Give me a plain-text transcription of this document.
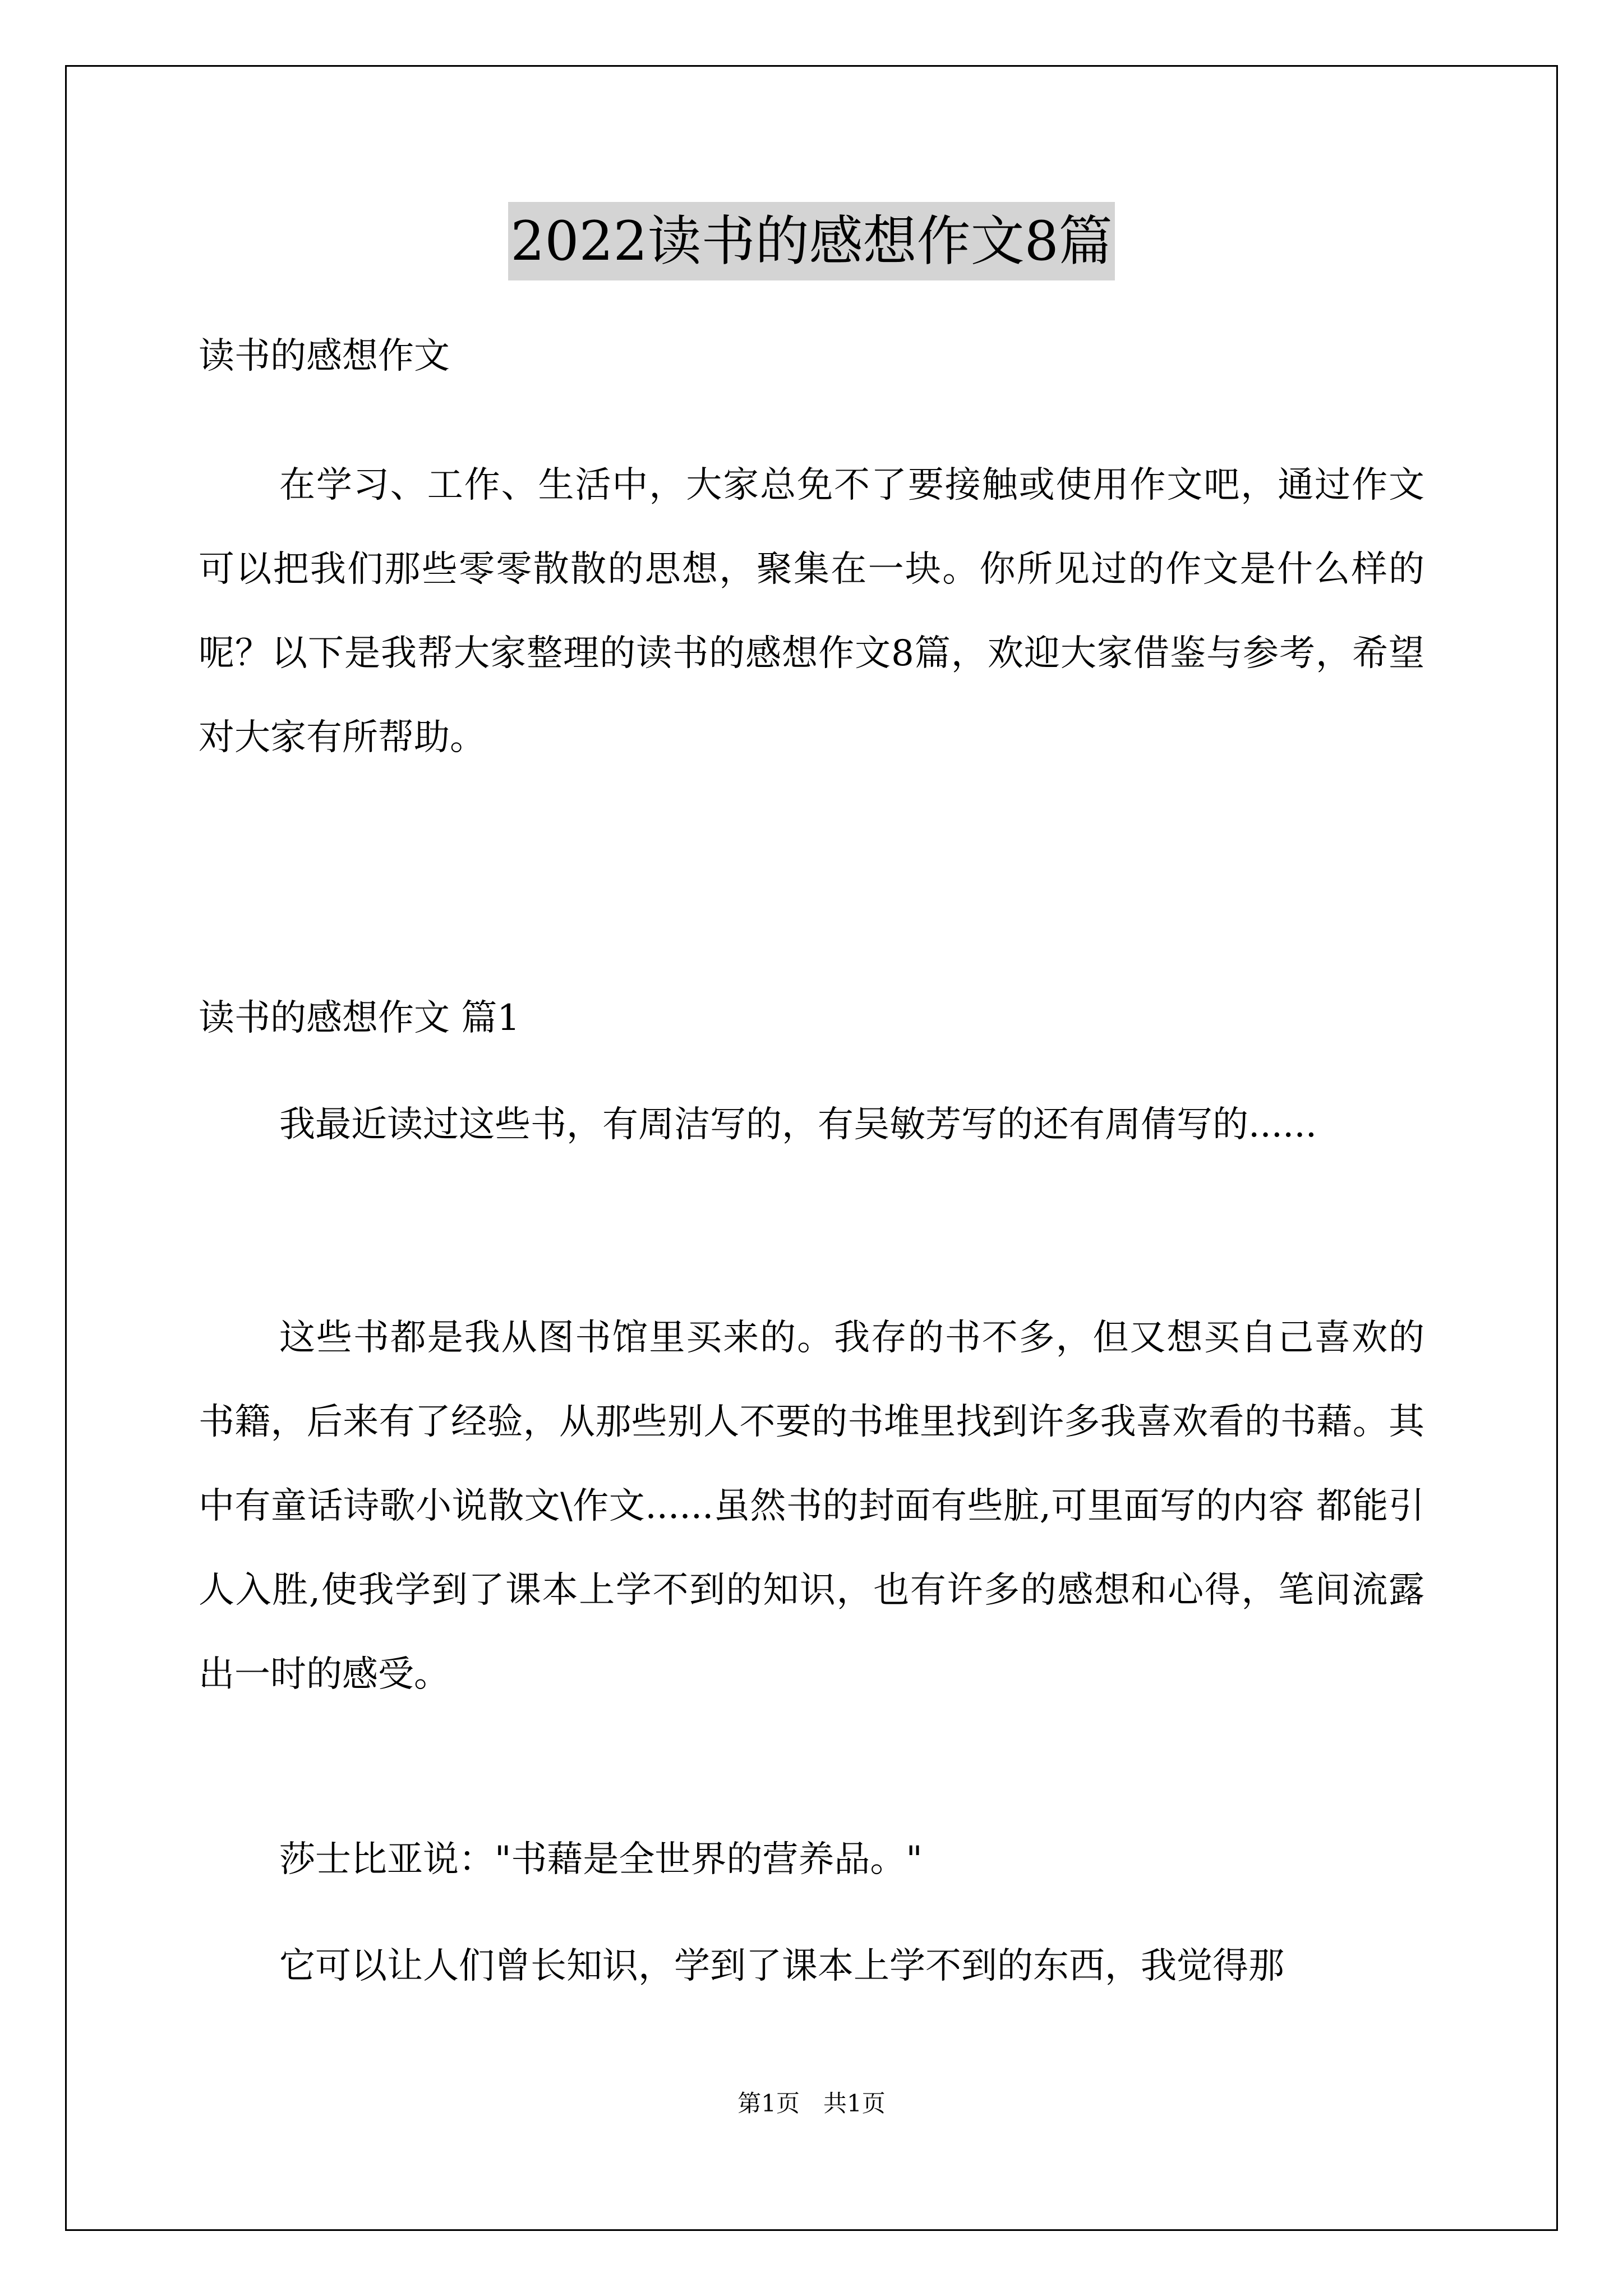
2022读书的感想作文8篇
读书的感想作文

在学习、工作、生活中，大家总免不了要接触或使用作文吧，通过作文可以把我们那些零零散散的思想，聚集在一块。你所见过的作文是什么样的呢？以下是我帮大家整理的读书的感想作文8篇，欢迎大家借鉴与参考，希望对大家有所帮助。

读书的感想作文 篇1

我最近读过这些书，有周洁写的，有吴敏芳写的还有周倩写的......

这些书都是我从图书馆里买来的。我存的书不多，但又想买自己喜欢的书籍，后来有了经验，从那些别人不要的书堆里找到许多我喜欢看的书藉。其中有童话诗歌小说散文\作文......虽然书的封面有些脏,可里面写的内容 都能引人入胜,使我学到了课本上学不到的知识，也有许多的感想和心得，笔间流露出一时的感受。

莎士比亚说："书藉是全世界的营养品。"

它可以让人们曾长知识，学到了课本上学不到的东西，我觉得那

第1页　共1页
